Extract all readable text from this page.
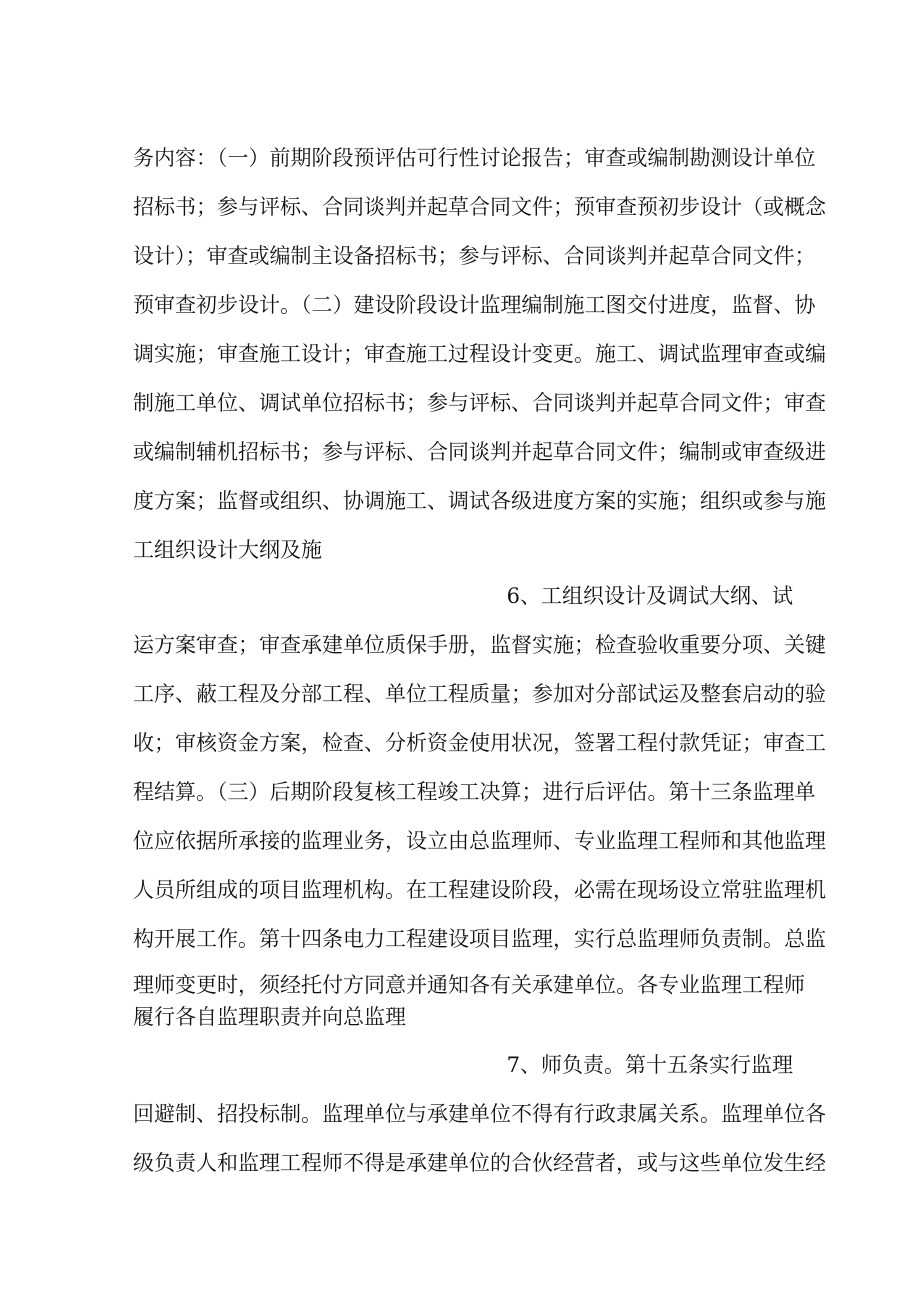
务内容：（一）前期阶段预评估可行性讨论报告；审查或编制勘测设计单位
招标书；参与评标、合同谈判并起草合同文件；预审查预初步设计（或概念
设计）；审查或编制主设备招标书；参与评标、合同谈判并起草合同文件；
预审查初步设计。（二）建设阶段设计监理编制施工图交付进度，监督、协
调实施；审查施工设计；审查施工过程设计变更。施工、调试监理审查或编
制施工单位、调试单位招标书；参与评标、合同谈判并起草合同文件；审查
或编制辅机招标书；参与评标、合同谈判并起草合同文件；编制或审查级进
度方案；监督或组织、协调施工、调试各级进度方案的实施；组织或参与施
工组织设计大纲及施
6、工组织设计及调试大纲、试
运方案审查；审查承建单位质保手册，监督实施；检查验收重要分项、关键
工序、蔽工程及分部工程、单位工程质量；参加对分部试运及整套启动的验
收；审核资金方案，检查、分析资金使用状况，签署工程付款凭证；审查工
程结算。（三）后期阶段复核工程竣工决算；进行后评估。第十三条监理单
位应依据所承接的监理业务，设立由总监理师、专业监理工程师和其他监理
人员所组成的项目监理机构。在工程建设阶段，必需在现场设立常驻监理机
构开展工作。第十四条电力工程建设项目监理，实行总监理师负责制。总监
理师变更时，须经托付方同意并通知各有关承建单位。各专业监理工程师
履行各自监理职责并向总监理
7、师负责。第十五条实行监理
回避制、招投标制。监理单位与承建单位不得有行政隶属关系。监理单位各
级负责人和监理工程师不得是承建单位的合伙经营者，或与这些单位发生经
